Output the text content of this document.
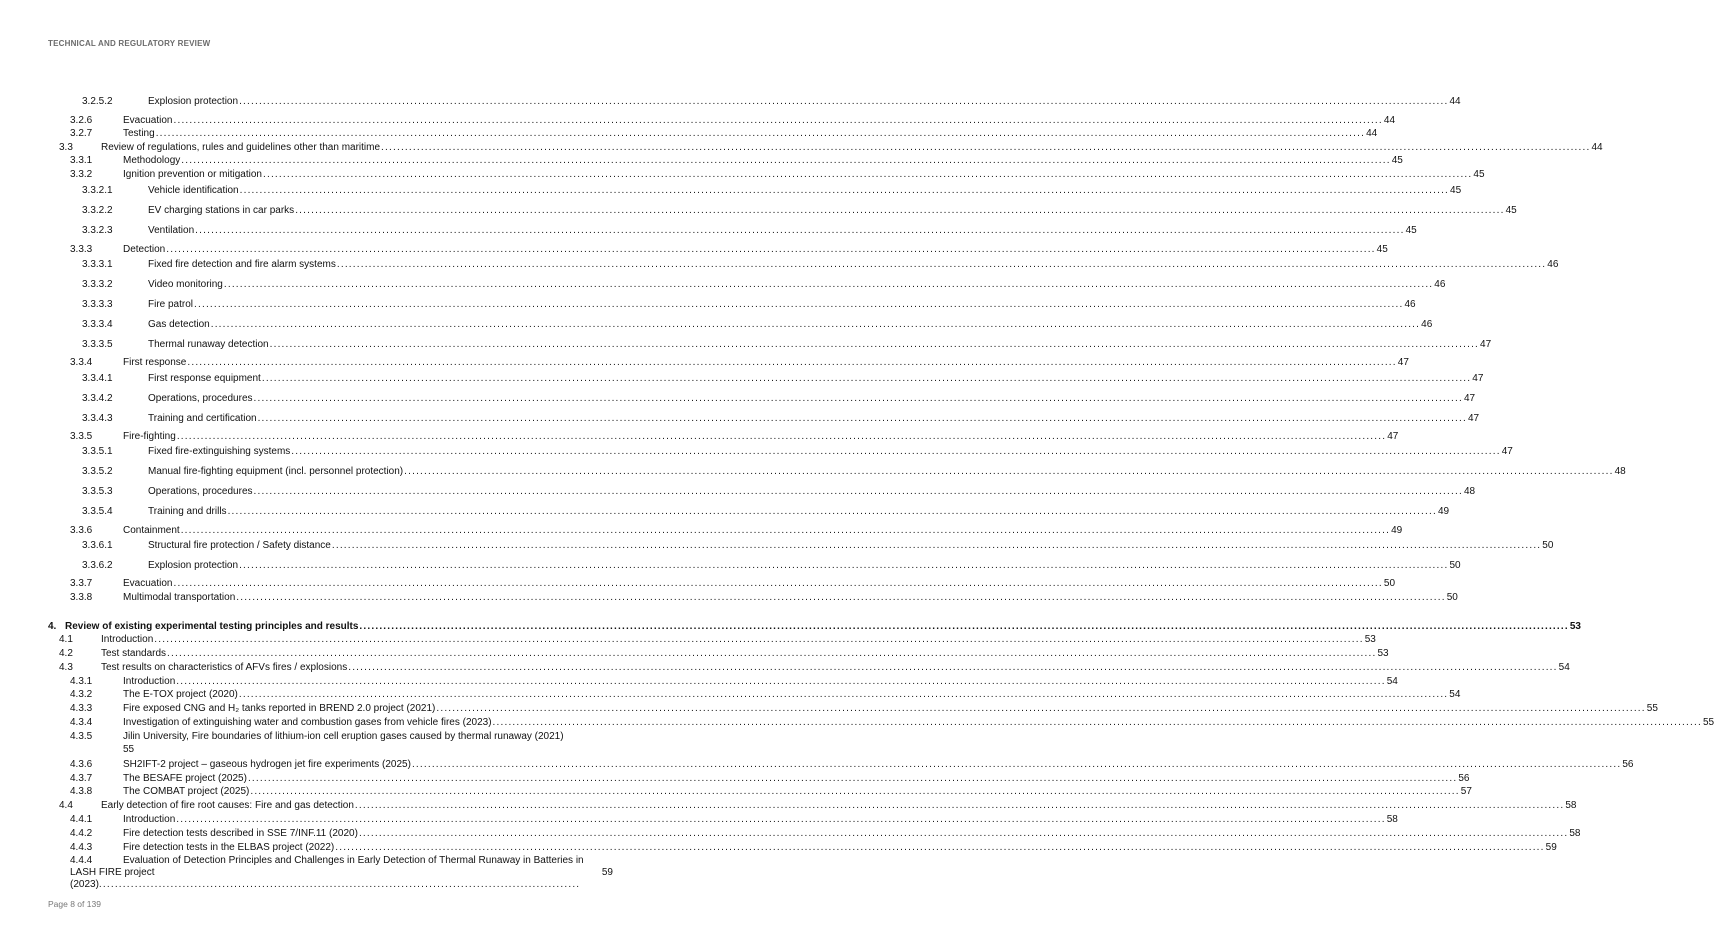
TECHNICAL AND REGULATORY REVIEW
3.2.5.2	Explosion protection .....	44
3.2.6	Evacuation .....	44
3.2.7	Testing .....	44
3.3	Review of regulations, rules and guidelines other than maritime .....	44
3.3.1	Methodology .....	45
3.3.2	Ignition prevention or mitigation .....	45
3.3.2.1	Vehicle identification .....	45
3.3.2.2	EV charging stations in car parks .....	45
3.3.2.3	Ventilation .....	45
3.3.3	Detection .....	45
3.3.3.1	Fixed fire detection and fire alarm systems .....	46
3.3.3.2	Video monitoring .....	46
3.3.3.3	Fire patrol .....	46
3.3.3.4	Gas detection .....	46
3.3.3.5	Thermal runaway detection .....	47
3.3.4	First response .....	47
3.3.4.1	First response equipment .....	47
3.3.4.2	Operations, procedures .....	47
3.3.4.3	Training and certification .....	47
3.3.5	Fire-fighting .....	47
3.3.5.1	Fixed fire-extinguishing systems .....	47
3.3.5.2	Manual fire-fighting equipment (incl. personnel protection) .....	48
3.3.5.3	Operations, procedures .....	48
3.3.5.4	Training and drills .....	49
3.3.6	Containment .....	49
3.3.6.1	Structural fire protection / Safety distance .....	50
3.3.6.2	Explosion protection .....	50
3.3.7	Evacuation .....	50
3.3.8	Multimodal transportation .....	50
4. Review of existing experimental testing principles and results .....	53
4.1	Introduction .....	53
4.2	Test standards .....	53
4.3	Test results on characteristics of AFVs fires / explosions .....	54
4.3.1	Introduction .....	54
4.3.2	The E-TOX project (2020) .....	54
4.3.3	Fire exposed CNG and H₂ tanks reported in BREND 2.0 project (2021) .....	55
4.3.4	Investigation of extinguishing water and combustion gases from vehicle fires (2023) .....	55
4.3.5	Jilin University, Fire boundaries of lithium-ion cell eruption gases caused by thermal runaway (2021)
55
4.3.6	SH2IFT-2 project – gaseous hydrogen jet fire experiments (2025) .....	56
4.3.7	The BESAFE project (2025) .....	56
4.3.8	The COMBAT project (2025) .....	57
4.4	Early detection of fire root causes: Fire and gas detection .....	58
4.4.1	Introduction .....	58
4.4.2	Fire detection tests described in SSE 7/INF.11 (2020) .....	58
4.4.3	Fire detection tests in the ELBAS project (2022) .....	59
4.4.4	Evaluation of Detection Principles and Challenges in Early Detection of Thermal Runaway in Batteries in LASH FIRE project (2023).........................................................................................................................
59
Page 8 of 139
